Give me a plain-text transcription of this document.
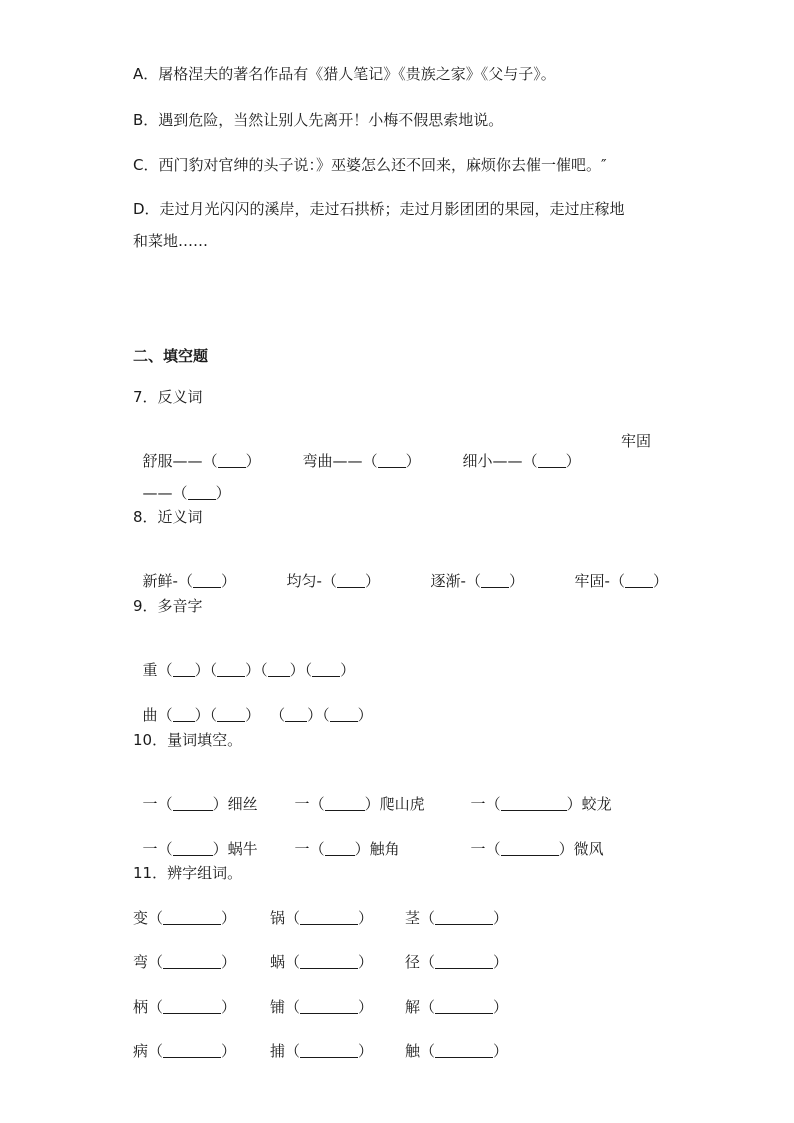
A．屠格涅夫的著名作品有《猎人笔记》《贵族之家》《父与子》。
B．遇到危险，当然让别人先离开！小梅不假思索地说。
C．西门豹对官绅的头子说：》巫婆怎么还不回来，麻烦你去催一催吧。″
D．走过月光闪闪的溪岸，走过石拱桥；走过月影团团的果园，走过庄稼地
和菜地……
二、填空题
7．反义词

舒服——（ ）	弯曲——（ ）	细小——（ ）

牢固

——（ ）

8．近义词

新鲜-（ ）	均匀-（ ）	逐渐-（ ）	牢固-（ ）

9．多音字

重（ ）（ ）（ ）（ ）

曲（ ）（ ） （ ）（ ）

10．量词填空。

一（	）细丝	一（	）爬山虎	一（	）蛟龙

一（	）蜗牛	一（ ）触角	一（	）微风

11．辨字组词。
变（	） 锅（	） 茎（	）
弯（	） 蜗（	） 径（	）
柄（	） 铺（	） 解（	）
病（	） 捕（	） 触（	）
